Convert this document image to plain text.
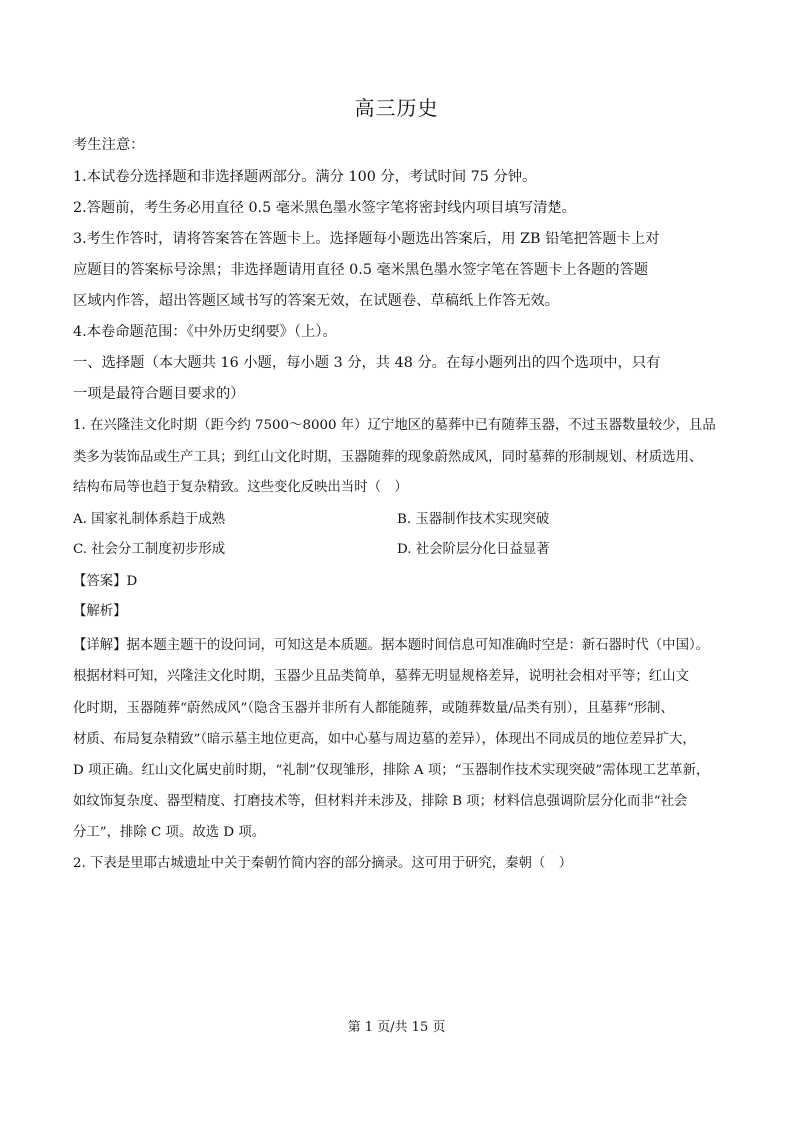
高三历史
考生注意：
1.本试卷分选择题和非选择题两部分。满分 100 分，考试时间 75 分钟。
2.答题前，考生务必用直径 0.5 毫米黑色墨水签字笔将密封线内项目填写清楚。
3.考生作答时，请将答案答在答题卡上。选择题每小题选出答案后，用 ZB 铅笔把答题卡上对
应题目的答案标号涂黑；非选择题请用直径 0.5 毫米黑色墨水签字笔在答题卡上各题的答题
区域内作答，超出答题区域书写的答案无效，在试题卷、草稿纸上作答无效。
4.本卷命题范围：《中外历史纲要》（上）。
一、选择题（本大题共 16 小题，每小题 3 分，共 48 分。在每小题列出的四个选项中，只有
一项是最符合题目要求的）
1. 在兴隆洼文化时期（距今约 7500～8000 年）辽宁地区的墓葬中已有随葬玉器，不过玉器数量较少，且品
类多为装饰品或生产工具；到红山文化时期，玉器随葬的现象蔚然成风，同时墓葬的形制规划、材质选用、
结构布局等也趋于复杂精致。这些变化反映出当时（　）
A. 国家礼制体系趋于成熟	B. 玉器制作技术实现突破
C. 社会分工制度初步形成	D. 社会阶层分化日益显著
【答案】D
【解析】
【详解】据本题主题干的设问词，可知这是本质题。据本题时间信息可知准确时空是：新石器时代（中国）。
根据材料可知，兴隆洼文化时期，玉器少且品类简单，墓葬无明显规格差异，说明社会相对平等；红山文
化时期，玉器随葬“蔚然成风”（隐含玉器并非所有人都能随葬，或随葬数量/品类有别），且墓葬“形制、
材质、布局复杂精致”（暗示墓主地位更高，如中心墓与周边墓的差异），体现出不同成员的地位差异扩大，
D 项正确。红山文化属史前时期，“礼制”仅现雏形，排除 A 项；“玉器制作技术实现突破”需体现工艺革新，
如纹饰复杂度、器型精度、打磨技术等，但材料并未涉及，排除 B 项；材料信息强调阶层分化而非“社会
分工”，排除 C 项。故选 D 项。
2. 下表是里耶古城遗址中关于秦朝竹简内容的部分摘录。这可用于研究，秦朝（　）
第 1 页/共 15 页
